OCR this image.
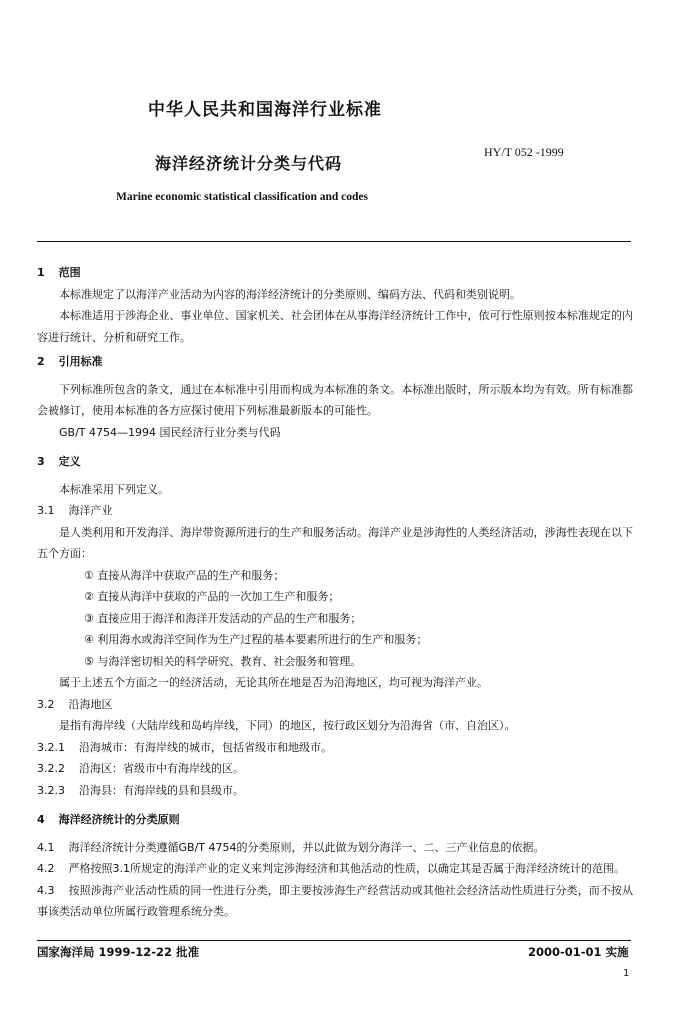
中华人民共和国海洋行业标准
海洋经济统计分类与代码
HY/T 052 -1999
Marine economic statistical classification and codes

1 范围

本标准规定了以海洋产业活动为内容的海洋经济统计的分类原则、编码方法、代码和类别说明。

本标准适用于涉海企业、事业单位、国家机关、社会团体在从事海洋经济统计工作中，依可行性原则按本标准规定的内容进行统计、分析和研究工作。

2 引用标准

下列标准所包含的条文，通过在本标准中引用而构成为本标准的条文。本标准出版时，所示版本均为有效。所有标准都会被修订，使用本标准的各方应探讨使用下列标准最新版本的可能性。

GB/T 4754—1994 国民经济行业分类与代码

3 定义

本标准采用下列定义。

3.1 海洋产业

是人类利用和开发海洋、海岸带资源所进行的生产和服务活动。海洋产业是涉海性的人类经济活动，涉海性表现在以下五个方面：

① 直接从海洋中获取产品的生产和服务；

② 直接从海洋中获取的产品的一次加工生产和服务；

③ 直接应用于海洋和海洋开发活动的产品的生产和服务；

④ 利用海水或海洋空间作为生产过程的基本要素所进行的生产和服务；

⑤ 与海洋密切相关的科学研究、教育、社会服务和管理。

属于上述五个方面之一的经济活动，无论其所在地是否为沿海地区，均可视为海洋产业。

3.2 沿海地区

是指有海岸线（大陆岸线和岛屿岸线，下同）的地区，按行政区划分为沿海省（市、自治区）。

3.2.1 沿海城市：有海岸线的城市，包括省级市和地级市。

3.2.2 沿海区：省级市中有海岸线的区。

3.2.3 沿海县：有海岸线的县和县级市。

4 海洋经济统计的分类原则

4.1 海洋经济统计分类遵循GB/T 4754的分类原则，并以此做为划分海洋一、二、三产业信息的依据。

4.2 严格按照3.1所规定的海洋产业的定义来判定涉海经济和其他活动的性质，以确定其是否属于海洋经济统计的范围。

4.3 按照涉海产业活动性质的同一性进行分类，即主要按涉海生产经营活动或其他社会经济活动性质进行分类，而不按从事该类活动单位所属行政管理系统分类。

国家海洋局 1999-12-22 批准	2000-01-01 实施
1
